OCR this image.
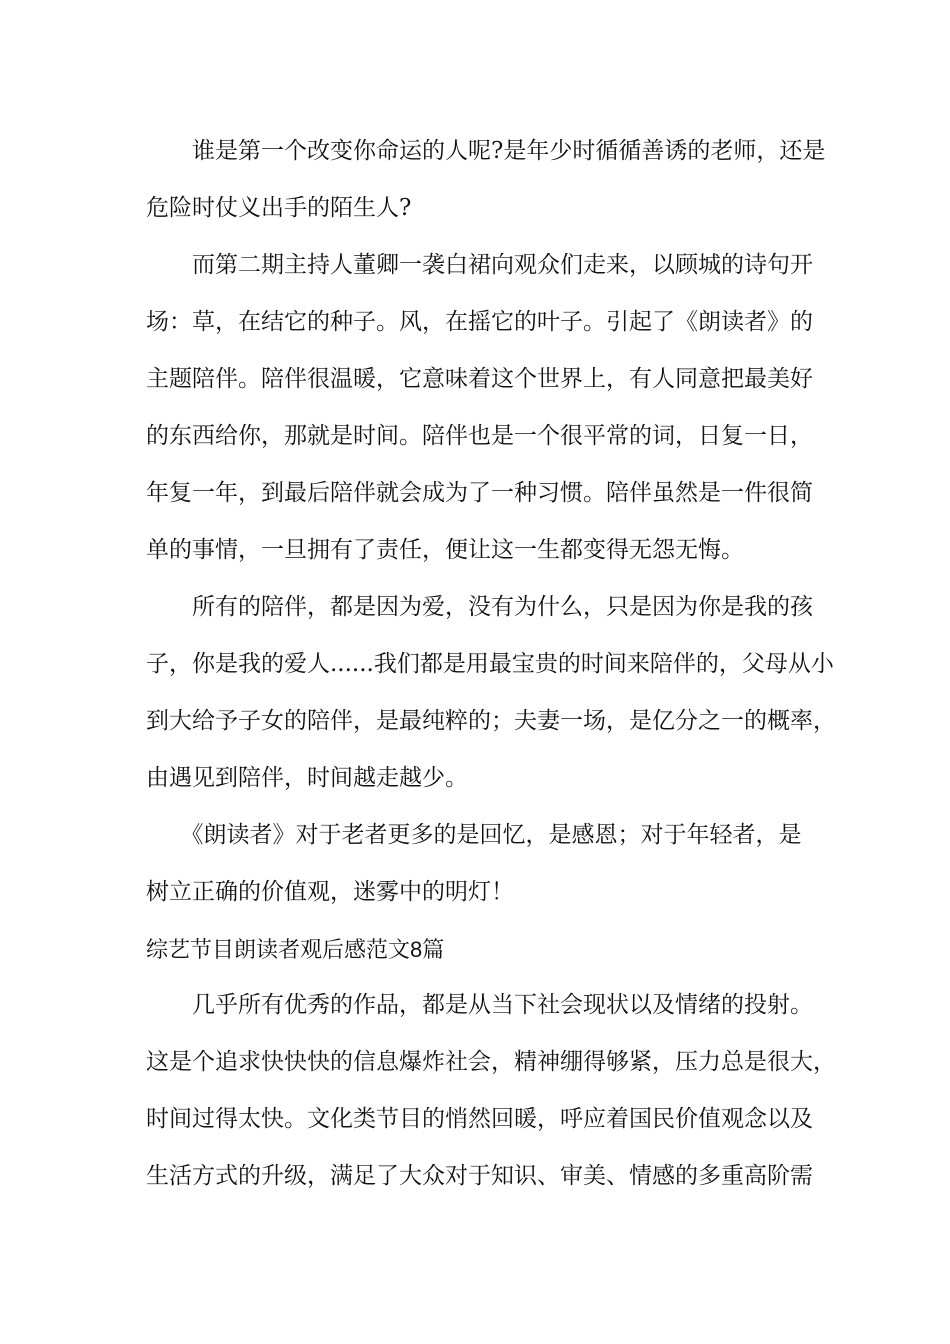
　　谁是第一个改变你命运的人呢?是年少时循循善诱的老师，还是
危险时仗义出手的陌生人?
　　而第二期主持人董卿一袭白裙向观众们走来，以顾城的诗句开
场：草，在结它的种子。风，在摇它的叶子。引起了《朗读者》的
主题陪伴。陪伴很温暖，它意味着这个世界上，有人同意把最美好
的东西给你，那就是时间。陪伴也是一个很平常的词，日复一日，
年复一年，到最后陪伴就会成为了一种习惯。陪伴虽然是一件很简
单的事情，一旦拥有了责任，便让这一生都变得无怨无悔。
　　所有的陪伴，都是因为爱，没有为什么，只是因为你是我的孩
子，你是我的爱人......我们都是用最宝贵的时间来陪伴的，父母从小
到大给予子女的陪伴，是最纯粹的；夫妻一场，是亿分之一的概率，
由遇见到陪伴，时间越走越少。
　　《朗读者》对于老者更多的是回忆，是感恩；对于年轻者，是
树立正确的价值观，迷雾中的明灯！
综艺节目朗读者观后感范文8篇
　　几乎所有优秀的作品，都是从当下社会现状以及情绪的投射。
这是个追求快快快的信息爆炸社会，精神绷得够紧，压力总是很大，
时间过得太快。文化类节目的悄然回暖，呼应着国民价值观念以及
生活方式的升级，满足了大众对于知识、审美、情感的多重高阶需
